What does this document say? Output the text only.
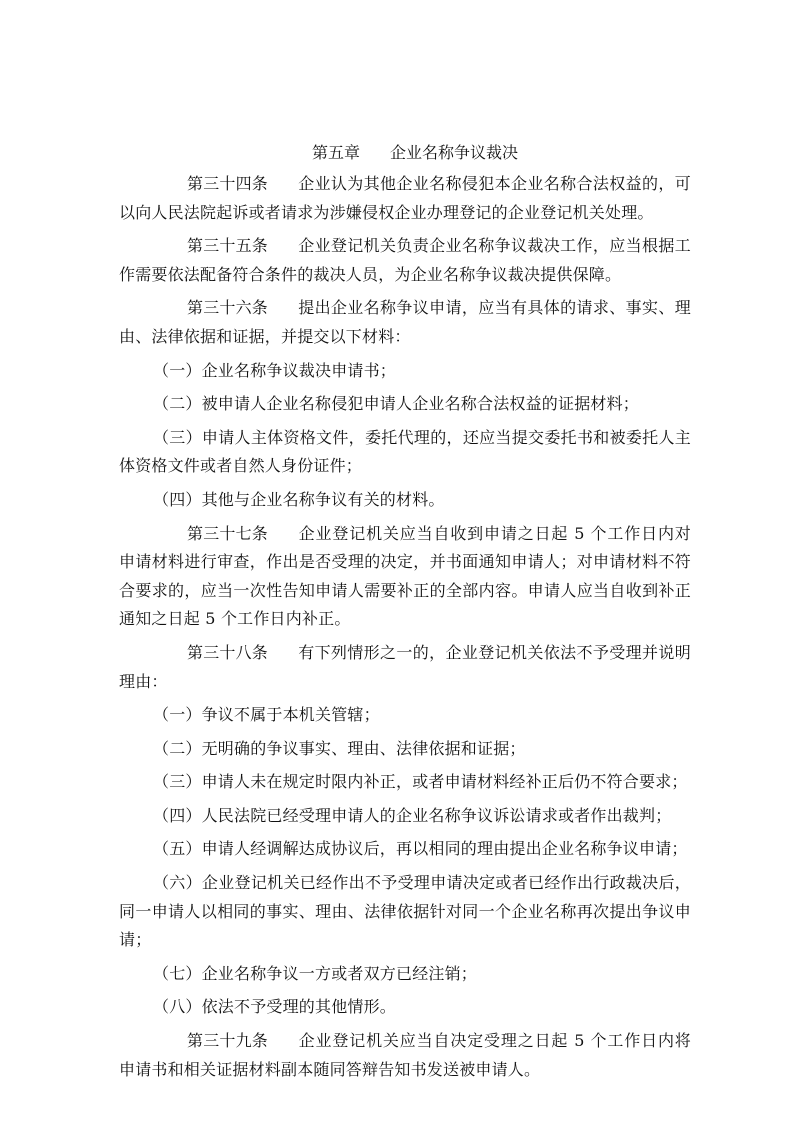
第五章 企业名称争议裁决

第三十四条 企业认为其他企业名称侵犯本企业名称合法权益的，可以向人民法院起诉或者请求为涉嫌侵权企业办理登记的企业登记机关处理。

第三十五条 企业登记机关负责企业名称争议裁决工作，应当根据工作需要依法配备符合条件的裁决人员，为企业名称争议裁决提供保障。

第三十六条 提出企业名称争议申请，应当有具体的请求、事实、理由、法律依据和证据，并提交以下材料：

（一）企业名称争议裁决申请书；

（二）被申请人企业名称侵犯申请人企业名称合法权益的证据材料；

（三）申请人主体资格文件，委托代理的，还应当提交委托书和被委托人主体资格文件或者自然人身份证件；

（四）其他与企业名称争议有关的材料。

第三十七条 企业登记机关应当自收到申请之日起 5 个工作日内对申请材料进行审查，作出是否受理的决定，并书面通知申请人；对申请材料不符合要求的，应当一次性告知申请人需要补正的全部内容。申请人应当自收到补正通知之日起 5 个工作日内补正。

第三十八条 有下列情形之一的，企业登记机关依法不予受理并说明理由：

（一）争议不属于本机关管辖；

（二）无明确的争议事实、理由、法律依据和证据；

（三）申请人未在规定时限内补正，或者申请材料经补正后仍不符合要求；

（四）人民法院已经受理申请人的企业名称争议诉讼请求或者作出裁判；

（五）申请人经调解达成协议后，再以相同的理由提出企业名称争议申请；

（六）企业登记机关已经作出不予受理申请决定或者已经作出行政裁决后，同一申请人以相同的事实、理由、法律依据针对同一个企业名称再次提出争议申请；

（七）企业名称争议一方或者双方已经注销；

（八）依法不予受理的其他情形。

第三十九条 企业登记机关应当自决定受理之日起 5 个工作日内将申请书和相关证据材料副本随同答辩告知书发送被申请人。
